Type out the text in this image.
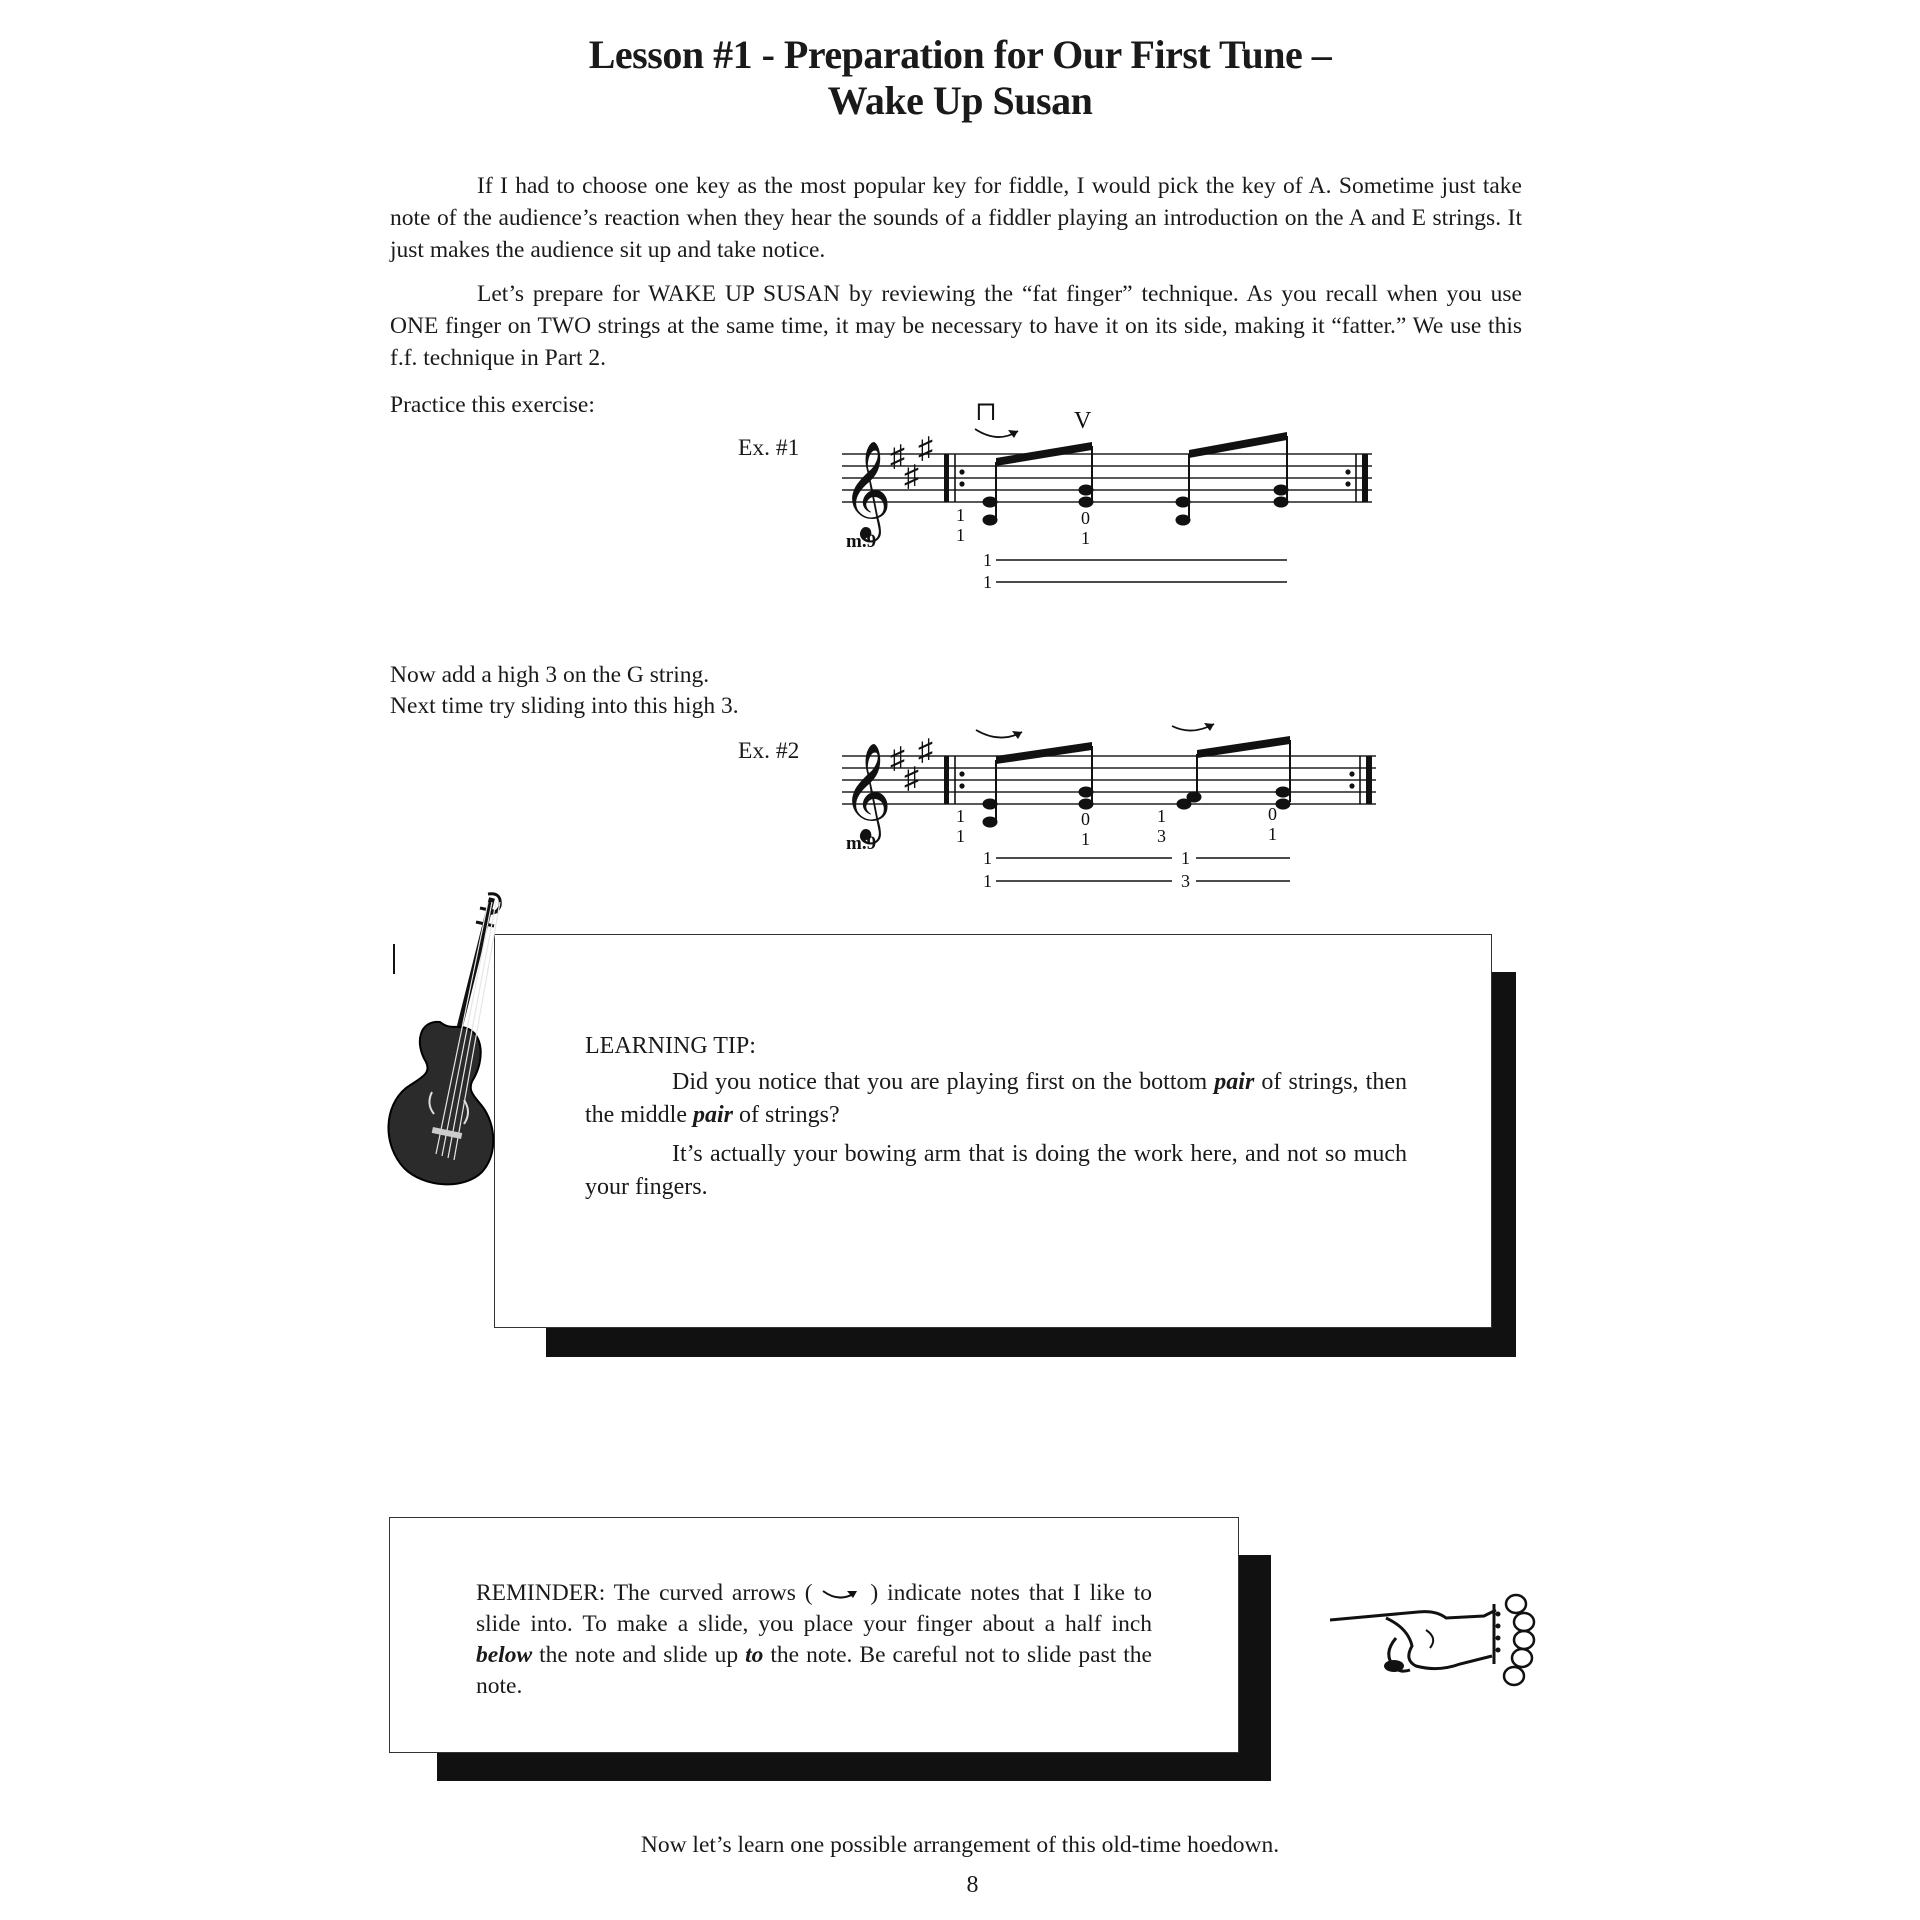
Lesson #1 - Preparation for Our First Tune –
Wake Up Susan
If I had to choose one key as the most popular key for fiddle, I would pick the key of A. Sometime just take note of the audience’s reaction when they hear the sounds of a fiddler playing an introduction on the A and E strings. It just makes the audience sit up and take notice.
Let’s prepare for WAKE UP SUSAN by reviewing the “fat finger” technique. As you recall when you use ONE finger on TWO strings at the same time, it may be necessary to have it on its side, making it “fatter.” We use this f.f. technique in Part 2.
Practice this exercise:
Ex. #1 𝄞
♯
♯
♯
m.9
⊓	V
1
1
0
1
1
1
𝄞
♯
♯
♯
m.9
1
1
0
1
1
3
0
1
1	1
1	3
Now add a high 3 on the G string.
Next time try sliding into this high 3.
Ex. #2
LEARNING TIP:
Did you notice that you are playing first on the bottom pair of strings, then the middle pair of strings?
It’s actually your bowing arm that is doing the work here, and not so much your fingers.
REMINDER: The curved arrows ( ) indicate notes that I like to slide into. To make a slide, you place your finger about a half inch below the note and slide up to the note. Be careful not to slide past the note.
Now let’s learn one possible arrangement of this old-time hoedown.
8
